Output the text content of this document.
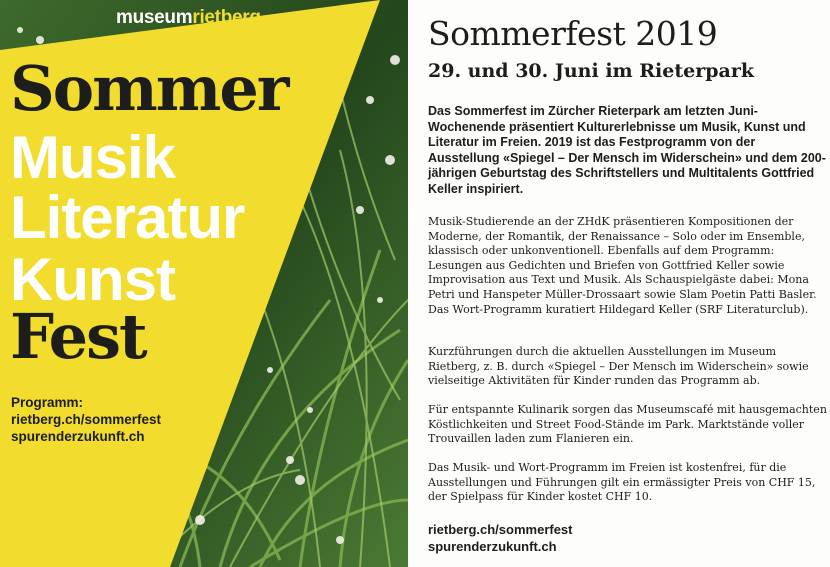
museumrietberg
Sommer
Musik
Literatur
Kunst
Fest
Programm:
rietberg.ch/sommerfest
spurenderzukunft.ch
Sommerfest 2019
29. und 30. Juni im Rieterpark
Das Sommerfest im Zürcher Rieterpark am letzten Juni-Wochenende präsentiert Kulturerlebnisse um Musik, Kunst und Literatur im Freien. 2019 ist das Festprogramm von der Ausstellung «Spiegel – Der Mensch im Widerschein» und dem 200-jährigen Geburtstag des Schriftstellers und Multitalents Gottfried Keller inspiriert.
Musik-Studierende an der ZHdK präsentieren Kompositionen der Moderne, der Romantik, der Renaissance – Solo oder im Ensemble, klassisch oder unkonventionell. Ebenfalls auf dem Programm: Lesungen aus Gedichten und Briefen von Gottfried Keller sowie Improvisation aus Text und Musik. Als Schauspielgäste dabei: Mona Petri und Hanspeter Müller-Drossaart sowie Slam Poetin Patti Basler. Das Wort-Programm kuratiert Hildegard Keller (SRF Literaturclub).
Kurzführungen durch die aktuellen Ausstellungen im Museum Rietberg, z. B. durch «Spiegel – Der Mensch im Widerschein» sowie vielseitige Aktivitäten für Kinder runden das Programm ab.
Für entspannte Kulinarik sorgen das Museumscafé mit hausgemachten Köstlichkeiten und Street Food-Stände im Park. Marktstände voller Trouvaillen laden zum Flanieren ein.
Das Musik- und Wort-Programm im Freien ist kostenfrei, für die Ausstellungen und Führungen gilt ein ermässigter Preis von CHF 15, der Spielpass für Kinder kostet CHF 10.
rietberg.ch/sommerfest
spurenderzukunft.ch
